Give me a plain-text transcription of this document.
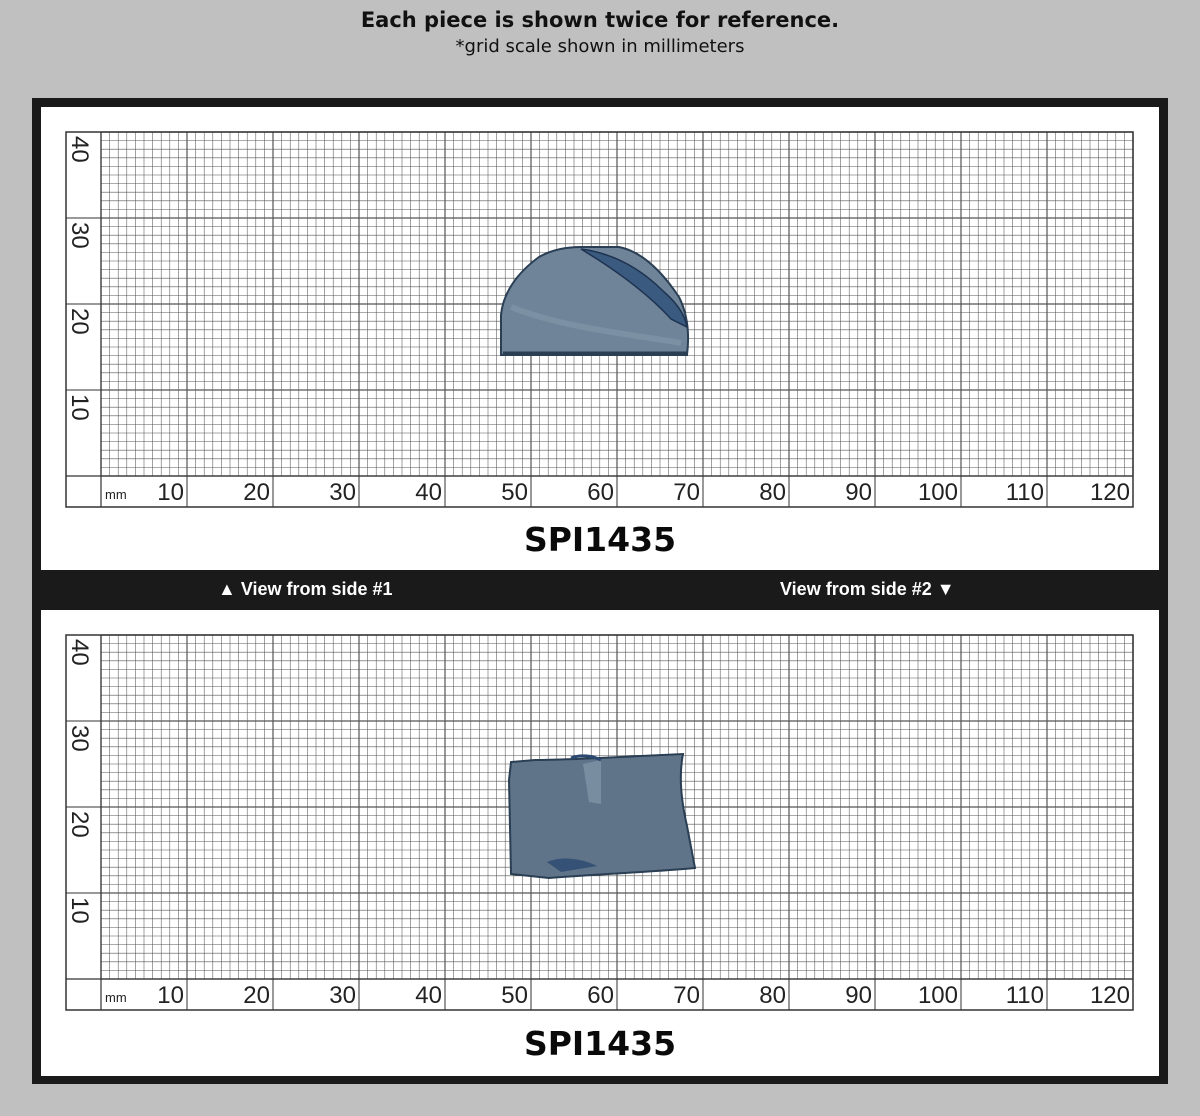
Each piece is shown twice for reference.
*grid scale shown in millimeters
mm 10 20 30 40 50 60 70 80 90 100 110 120
40
30
20
10
SPI1435
▲ View from side #1	View from side #2 ▼
mm 10 20 30 40 50 60 70 80 90 100 110 120
40
30
20
10
SPI1435
